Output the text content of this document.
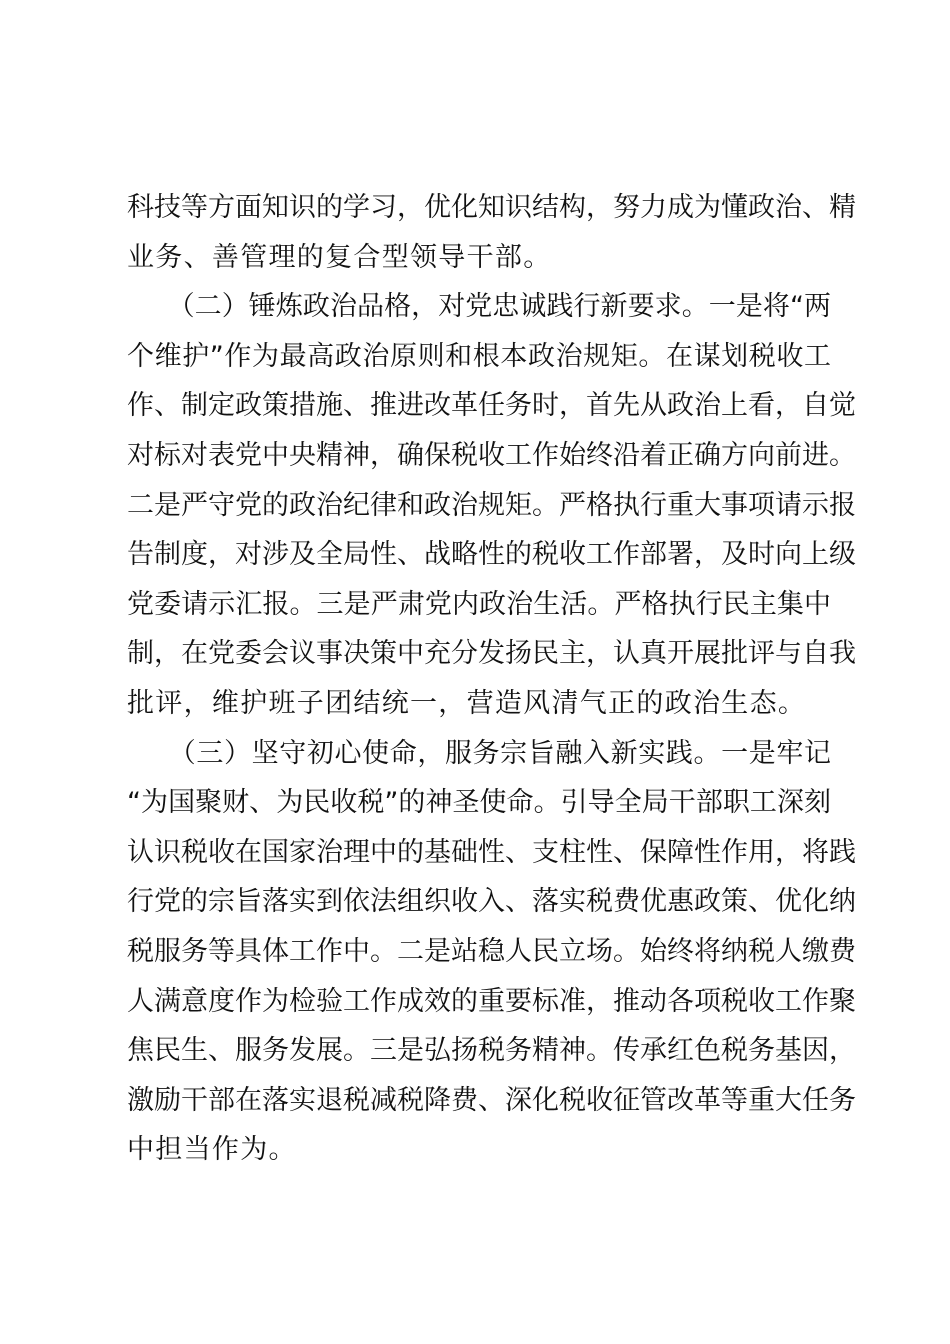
科技等方面知识的学习，优化知识结构，努力成为懂政治、精
业务、善管理的复合型领导干部。
　　（二）锤炼政治品格，对党忠诚践行新要求。一是将“两
个维护”作为最高政治原则和根本政治规矩。在谋划税收工
作、制定政策措施、推进改革任务时，首先从政治上看，自觉
对标对表党中央精神，确保税收工作始终沿着正确方向前进。
二是严守党的政治纪律和政治规矩。严格执行重大事项请示报
告制度，对涉及全局性、战略性的税收工作部署，及时向上级
党委请示汇报。三是严肃党内政治生活。严格执行民主集中
制，在党委会议事决策中充分发扬民主，认真开展批评与自我
批评，维护班子团结统一，营造风清气正的政治生态。
　　（三）坚守初心使命，服务宗旨融入新实践。一是牢记
“为国聚财、为民收税”的神圣使命。引导全局干部职工深刻
认识税收在国家治理中的基础性、支柱性、保障性作用，将践
行党的宗旨落实到依法组织收入、落实税费优惠政策、优化纳
税服务等具体工作中。二是站稳人民立场。始终将纳税人缴费
人满意度作为检验工作成效的重要标准，推动各项税收工作聚
焦民生、服务发展。三是弘扬税务精神。传承红色税务基因，
激励干部在落实退税减税降费、深化税收征管改革等重大任务
中担当作为。
